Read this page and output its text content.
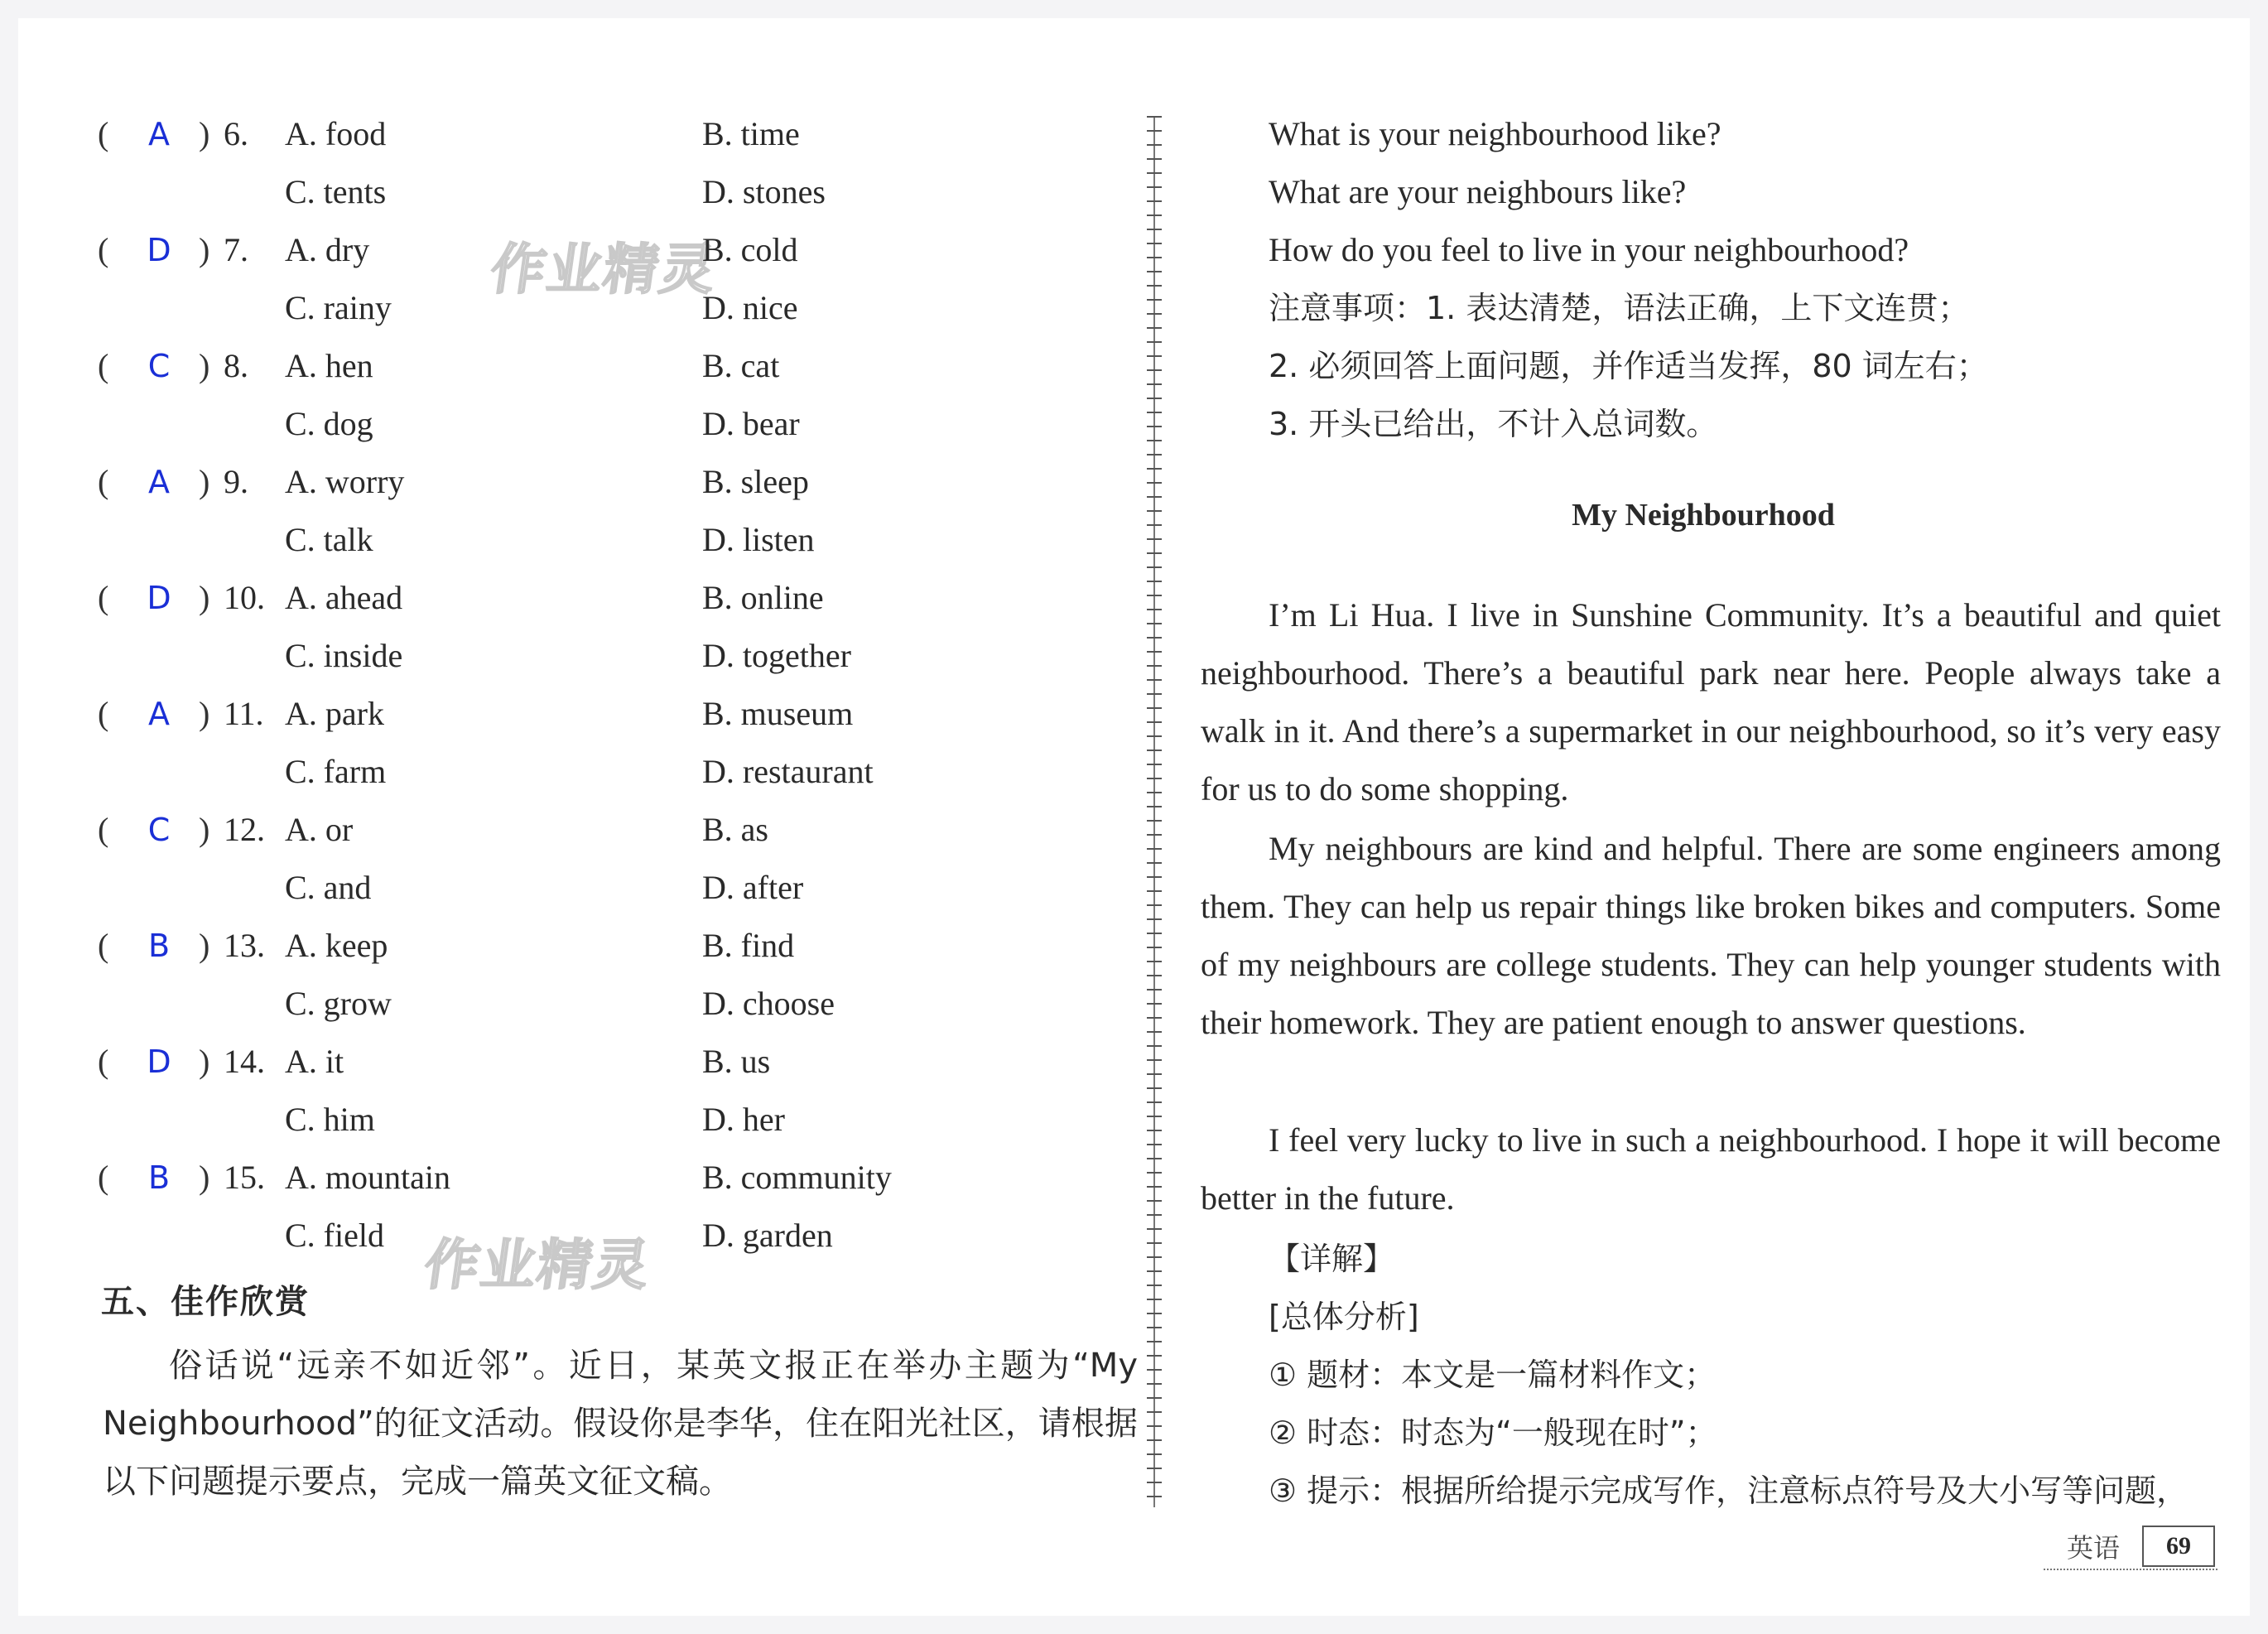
作业精灵
作业精灵
五、佳作欣赏
俗话说“远亲不如近邻”。近日，某英文报正在举办主题为“My Neighbourhood”的征文活动。假设你是李华，住在阳光社区，请根据以下问题提示要点，完成一篇英文征文稿。
(	A ) 6. A. food	B. time
C. tents	D. stones
(	D ) 7. A. dry	B. cold
C. rainy	D. nice
(	C ) 8. A. hen	B. cat
C. dog	D. bear
(	A ) 9. A. worry	B. sleep
C. talk	D. listen
(	D ) 10. A. ahead	B. online
C. inside	D. together
(	A ) 11. A. park	B. museum
C. farm	D. restaurant
(	C ) 12. A. or	B. as
C. and	D. after
(	B ) 13. A. keep	B. find
C. grow	D. choose
(	D ) 14. A. it	B. us
C. him	D. her
(	B ) 15. A. mountain	B. community
C. field	D. garden
What is your neighbourhood like?
What are your neighbours like?
How do you feel to live in your neighbourhood?
注意事项：1. 表达清楚，语法正确，上下文连贯；
2. 必须回答上面问题，并作适当发挥，80 词左右；
3. 开头已给出，不计入总词数。
My Neighbourhood

I’m Li Hua. I live in Sunshine Community. It’s a beautiful and quiet neighbourhood. There’s a beautiful park near here. People always take a walk in it. And there’s a supermarket in our neighbourhood, so it’s very easy for us to do some shopping.

My neighbours are kind and helpful. There are some engineers among them. They can help us repair things like broken bikes and computers. Some of my neighbours are college students. They can help younger students with their homework. They are patient enough to answer questions.

I feel very lucky to live in such a neighbourhood. I hope it will become better in the future.

【详解】
[总体分析]
① 题材：本文是一篇材料作文；
② 时态：时态为“一般现在时”；
③ 提示：根据所给提示完成写作，注意标点符号及大小写等问题，
英语	69
